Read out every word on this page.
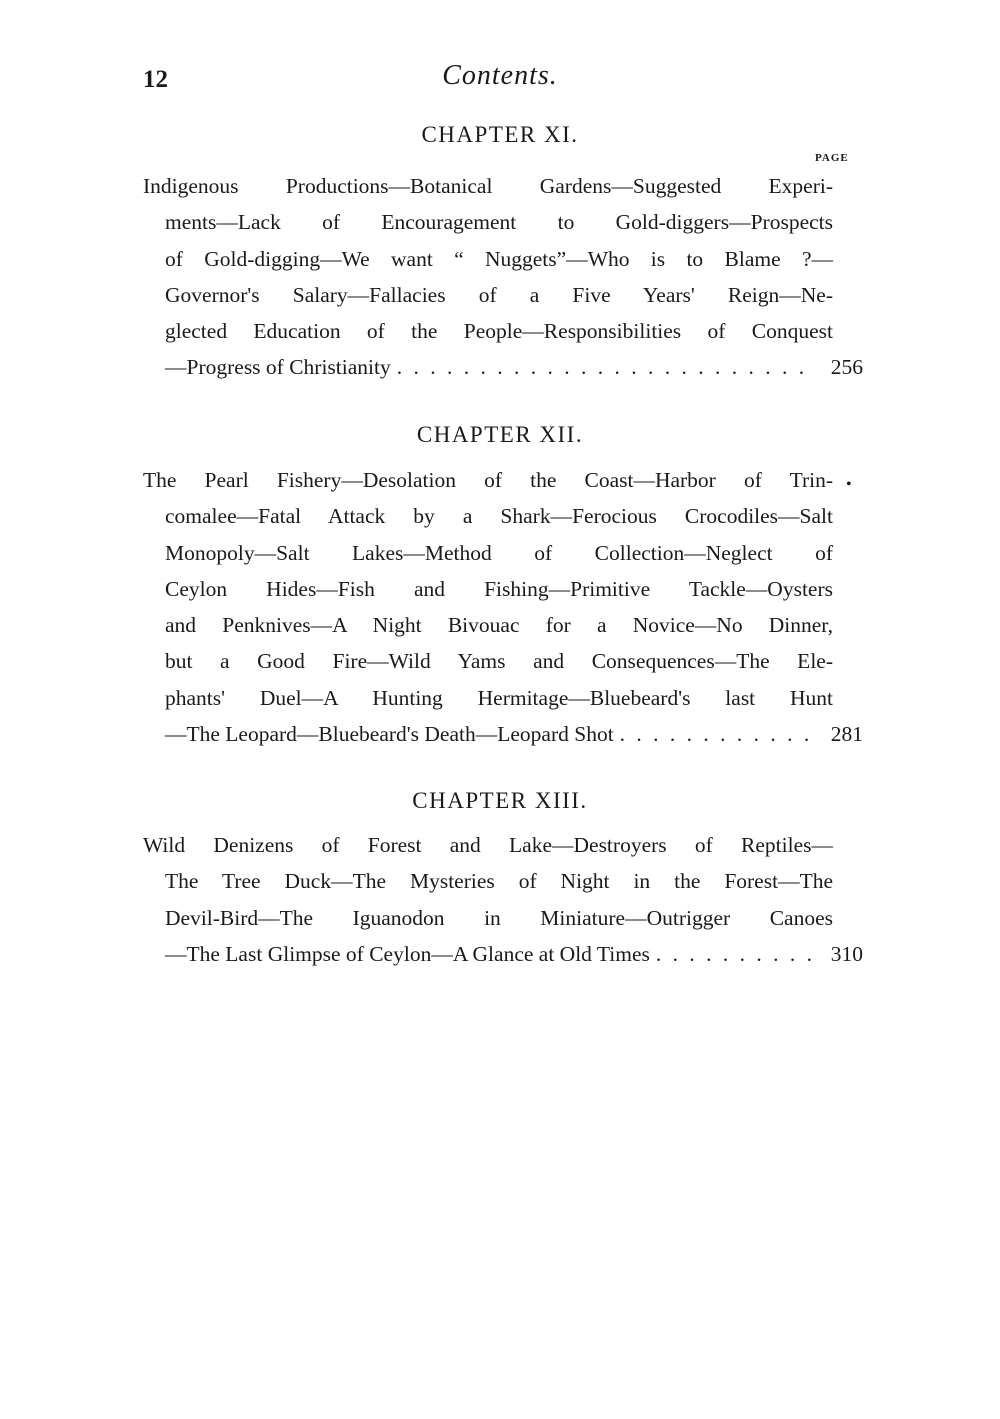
12	Contents.
CHAPTER XI.
PAGE
Indigenous Productions—Botanical Gardens—Suggested Experi-
ments—Lack of Encouragement to Gold-diggers—Prospects
of Gold-digging—We want “ Nuggets”—Who is to Blame ?—
Governor's Salary—Fallacies of a Five Years' Reign—Ne-
glected Education of the People—Responsibilities of Conquest
—Progress of Christianity . . .	256
CHAPTER XII.
The Pearl Fishery—Desolation of the Coast—Harbor of Trin-
comalee—Fatal Attack by a Shark—Ferocious Crocodiles—Salt
Monopoly—Salt Lakes—Method of Collection—Neglect of
Ceylon Hides—Fish and Fishing—Primitive Tackle—Oysters
and Penknives—A Night Bivouac for a Novice—No Dinner,
but a Good Fire—Wild Yams and Consequences—The Ele-
phants' Duel—A Hunting Hermitage—Bluebeard's last Hunt
—The Leopard—Bluebeard's Death—Leopard Shot . . .	281
•
CHAPTER XIII.
Wild Denizens of Forest and Lake—Destroyers of Reptiles—
The Tree Duck—The Mysteries of Night in the Forest—The
Devil-Bird—The Iguanodon in Miniature—Outrigger Canoes
—The Last Glimpse of Ceylon—A Glance at Old Times . . .	310
